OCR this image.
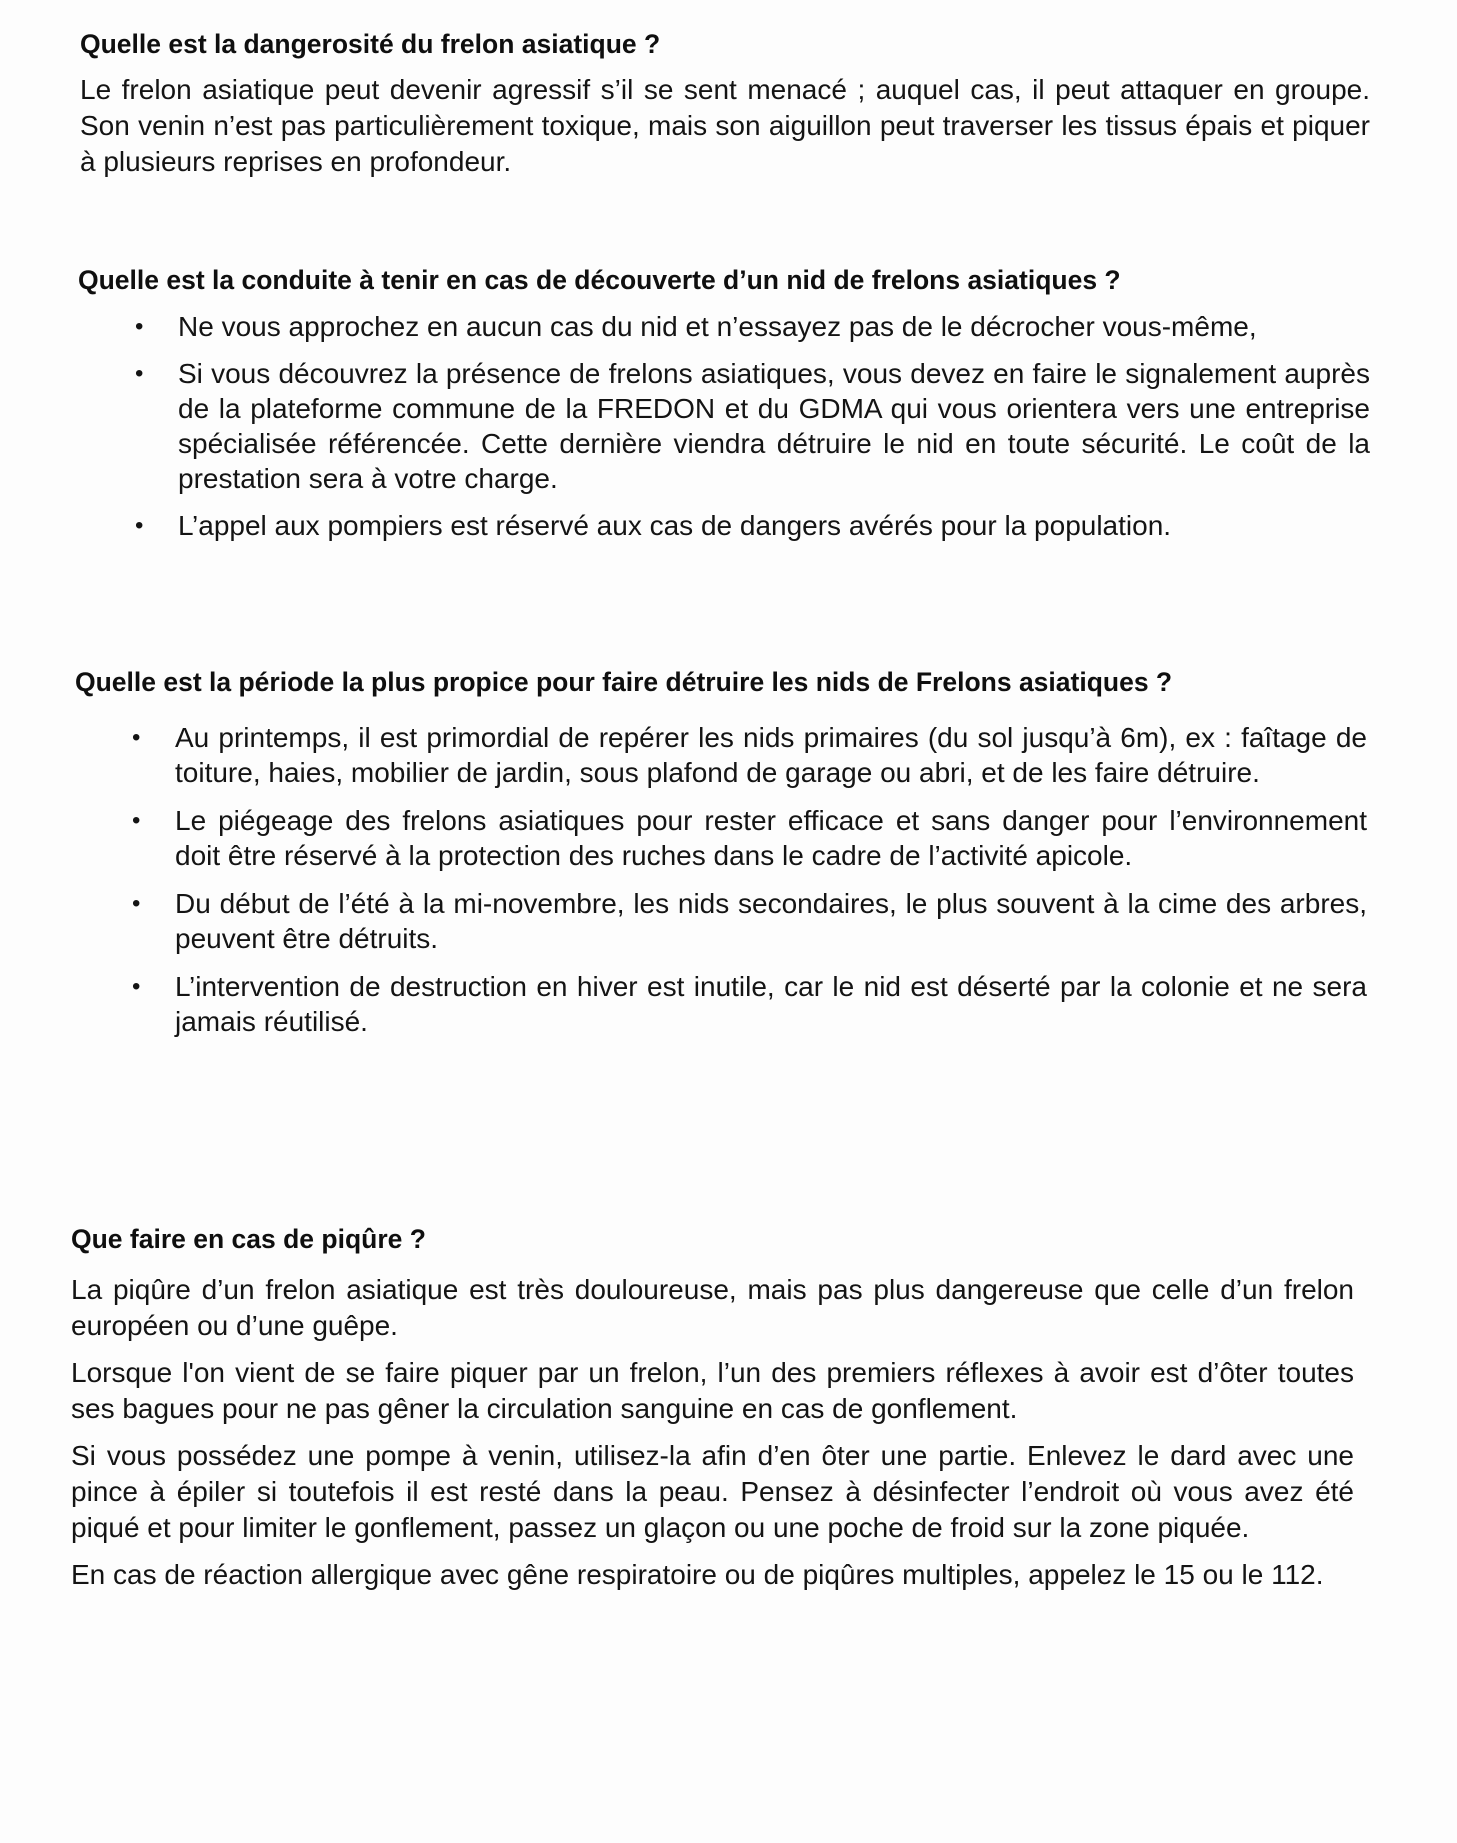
Quelle est la dangerosité du frelon asiatique ?

Le frelon asiatique peut devenir agressif s’il se sent menacé ; auquel cas, il peut attaquer en groupe. Son venin n’est pas particulièrement toxique, mais son aiguillon peut traverser les tissus épais et piquer à plusieurs reprises en profondeur.

Quelle est la conduite à tenir en cas de découverte d’un nid de frelons asiatiques ?
• Ne vous approchez en aucun cas du nid et n’essayez pas de le décrocher vous-même,
• Si vous découvrez la présence de frelons asiatiques, vous devez en faire le signalement auprès de la plateforme commune de la FREDON et du GDMA qui vous orientera vers une entreprise spécialisée référencée. Cette dernière viendra détruire le nid en toute sécurité. Le coût de la prestation sera à votre charge.
• L’appel aux pompiers est réservé aux cas de dangers avérés pour la population.
Quelle est la période la plus propice pour faire détruire les nids de Frelons asiatiques ?
• Au printemps, il est primordial de repérer les nids primaires (du sol jusqu’à 6m), ex : faîtage de toiture, haies, mobilier de jardin, sous plafond de garage ou abri, et de les faire détruire.
• Le piégeage des frelons asiatiques pour rester efficace et sans danger pour l’environnement doit être réservé à la protection des ruches dans le cadre de l’activité apicole.
• Du début de l’été à la mi-novembre, les nids secondaires, le plus souvent à la cime des arbres, peuvent être détruits.
• L’intervention de destruction en hiver est inutile, car le nid est déserté par la colonie et ne sera jamais réutilisé.
Que faire en cas de piqûre ?

La piqûre d’un frelon asiatique est très douloureuse, mais pas plus dangereuse que celle d’un frelon européen ou d’une guêpe.

Lorsque l'on vient de se faire piquer par un frelon, l’un des premiers réflexes à avoir est d’ôter toutes ses bagues pour ne pas gêner la circulation sanguine en cas de gonflement.

Si vous possédez une pompe à venin, utilisez-la afin d’en ôter une partie. Enlevez le dard avec une pince à épiler si toutefois il est resté dans la peau. Pensez à désinfecter l’endroit où vous avez été piqué et pour limiter le gonflement, passez un glaçon ou une poche de froid sur la zone piquée.

En cas de réaction allergique avec gêne respiratoire ou de piqûres multiples, appelez le 15 ou le 112.
